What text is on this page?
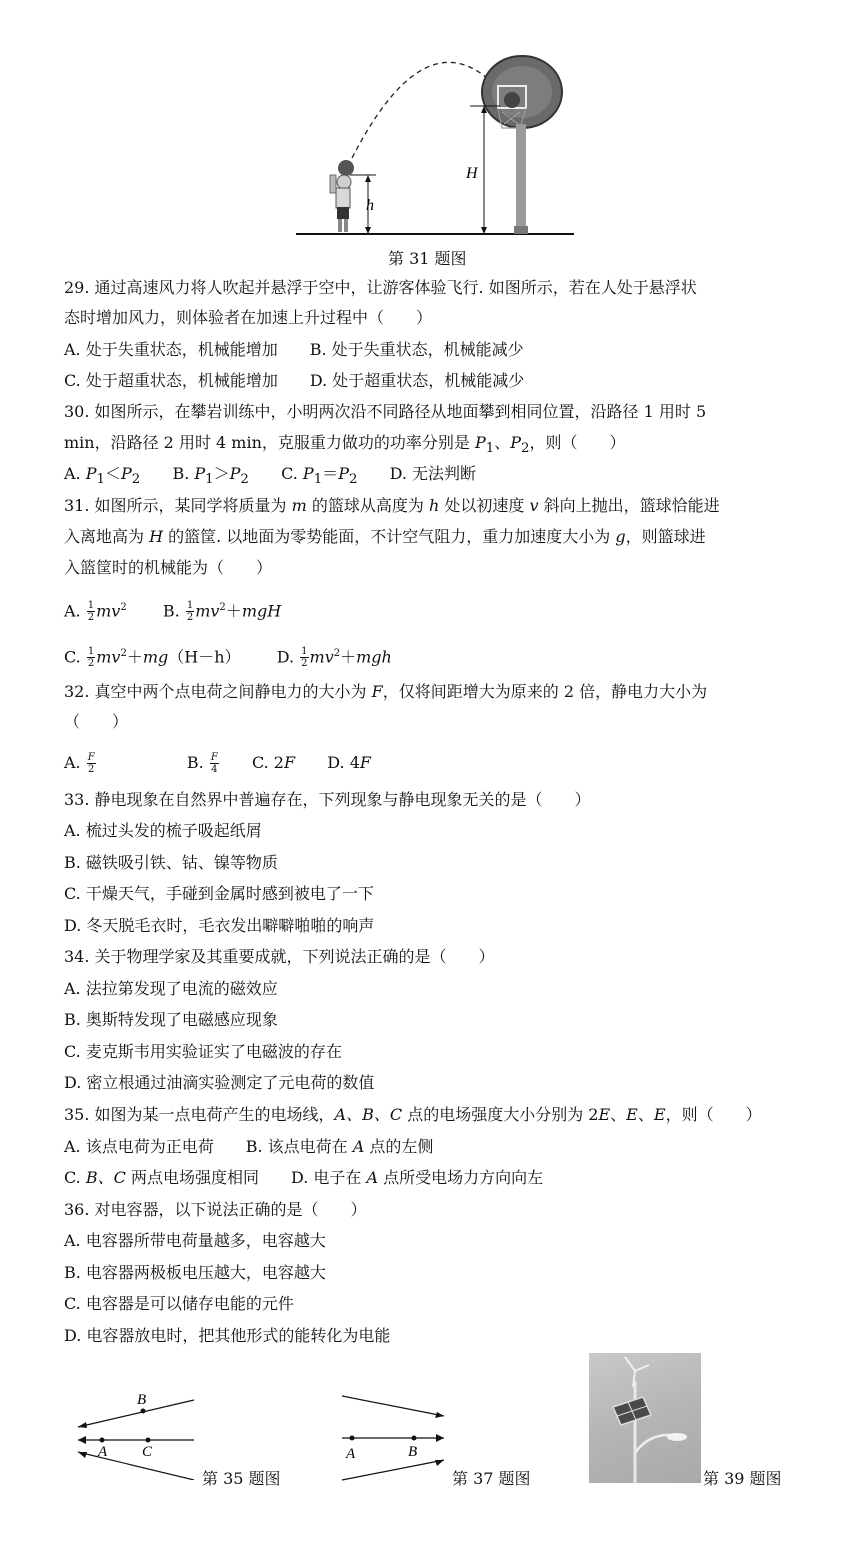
h
H
第 31 题图
29. 通过高速风力将人吹起并悬浮于空中，让游客体验飞行. 如图所示，若在人处于悬浮状
态时增加风力，则体验者在加速上升过程中（　　）
A. 处于失重状态，机械能增加　　B. 处于失重状态，机械能减少
C. 处于超重状态，机械能增加　　D. 处于超重状态，机械能减少
30. 如图所示，在攀岩训练中，小明两次沿不同路径从地面攀到相同位置，沿路径 1 用时 5
min，沿路径 2 用时 4 min，克服重力做功的功率分别是 $P_1$、$P_2$，则（　　）
A. $P_1<P_2$ B. $P_1>P_2$ C. $P_1=P_2$ D. 无法判断
31. 如图所示，某同学将质量为 m 的篮球从高度为 h 处以初速度 v 斜向上抛出，篮球恰能进
入离地高为 H 的篮筐. 以地面为零势能面，不计空气阻力，重力加速度大小为 g，则篮球进
入篮筐时的机械能为（　　）
A. $\frac{1}{2} mv^2$ B. $\frac{1}{2} mv^2+mgH$
C. $\frac{1}{2} mv^2+mg(H-h)$ D. $\frac{1}{2} mv^2+mgh$
32. 真空中两个点电荷之间静电力的大小为 F，仅将间距增大为原来的 2 倍，静电力大小为
（　　）
A. $\frac{F}{2}$	B. $\frac{F}{4} C$. 2F D. 4F
33. 静电现象在自然界中普遍存在，下列现象与静电现象无关的是（　　）
A. 梳过头发的梳子吸起纸屑
B. 磁铁吸引铁、钴、镍等物质
C. 干燥天气，手碰到金属时感到被电了一下
D. 冬天脱毛衣时，毛衣发出噼噼啪啪的响声
34. 关于物理学家及其重要成就，下列说法正确的是（　　）
A. 法拉第发现了电流的磁效应
B. 奥斯特发现了电磁感应现象
C. 麦克斯韦用实验证实了电磁波的存在
D. 密立根通过油滴实验测定了元电荷的数值
35. 如图为某一点电荷产生的电场线，A、B、C 点的电场强度大小分别为 2E、E、E，则（　　）
A. 该点电荷为正电荷　　B. 该点电荷在 A 点的左侧
C. B、C 两点电场强度相同　　D. 电子在 A 点所受电场力方向向左
36. 对电容器，以下说法正确的是（　　）
A. 电容器所带电荷量越多，电容越大
B. 电容器两极板电压越大，电容越大
C. 电容器是可以储存电能的元件
D. 电容器放电时，把其他形式的能转化为电能
B
A C
第 35 题图
A	B
第 37 题图	第 39 题图
